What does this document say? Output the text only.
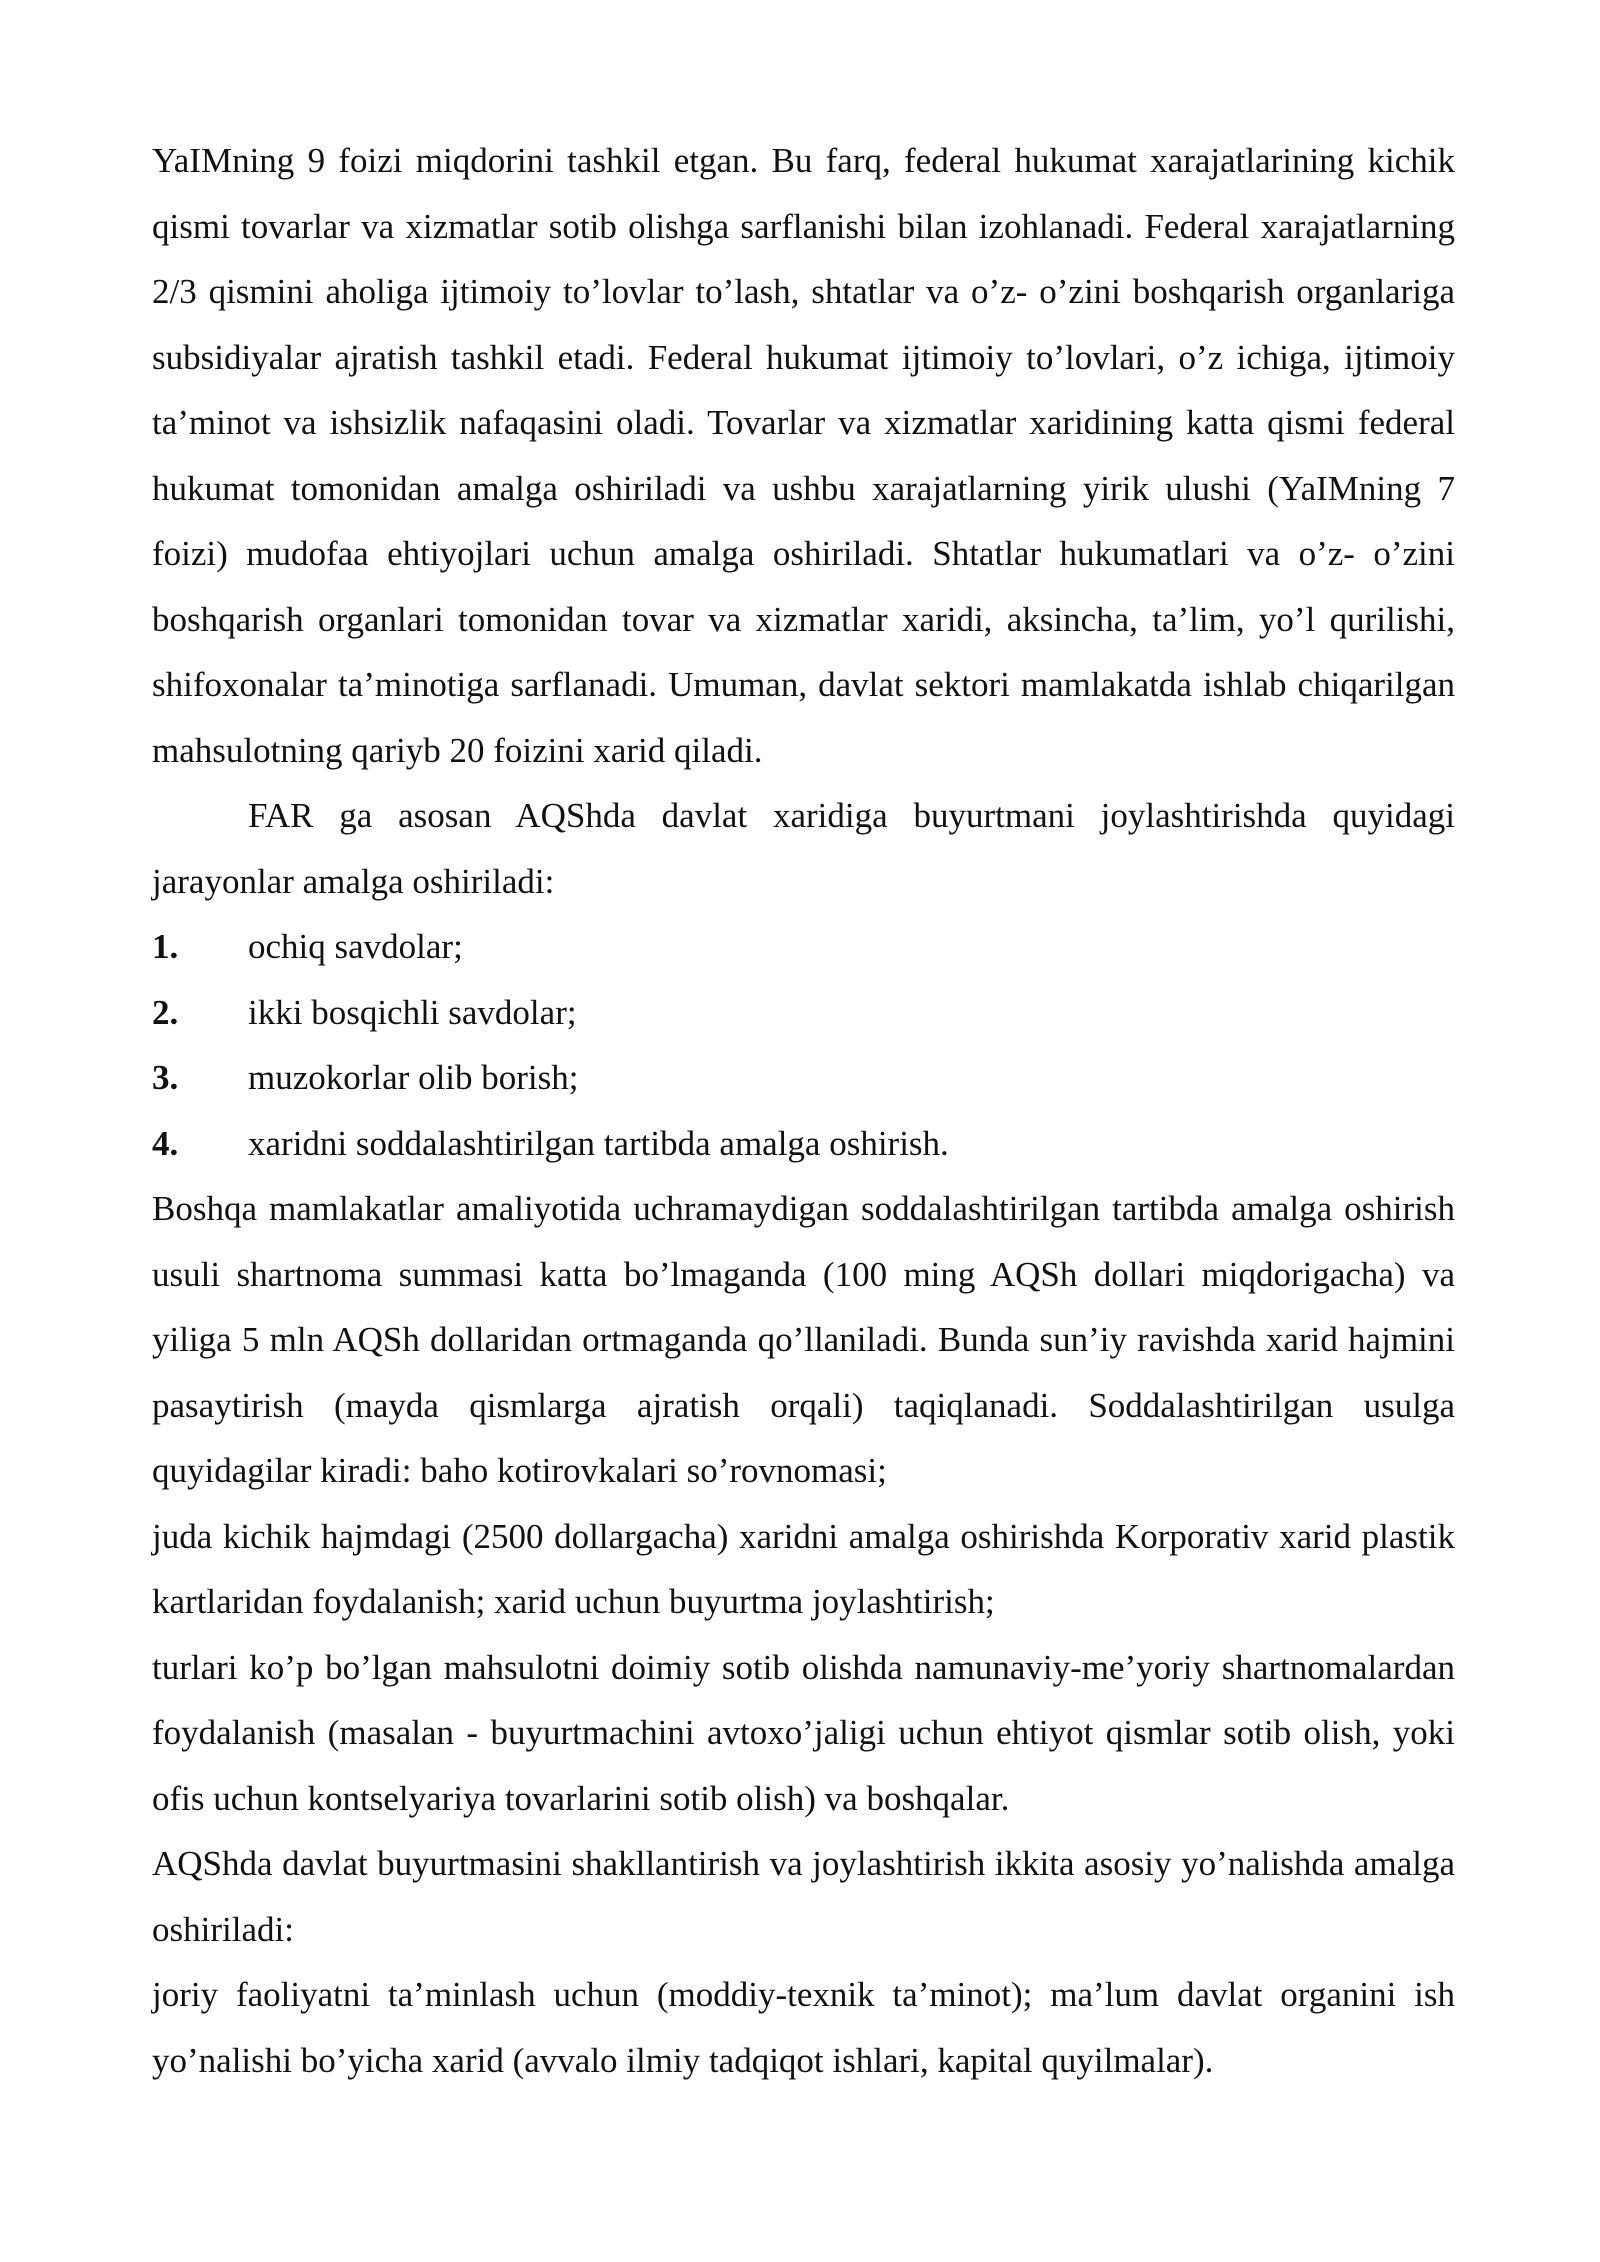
YaIMning 9 foizi miqdorini tashkil etgan. Bu farq, federal hukumat xarajatlarining kichik qismi tovarlar va xizmatlar sotib olishga sarflanishi bilan izohlanadi. Federal xarajatlarning 2/3 qismini aholiga ijtimoiy to’lovlar to’lash, shtatlar va o’z- o’zini boshqarish organlariga subsidiyalar ajratish tashkil etadi. Federal hukumat ijtimoiy to’lovlari, o’z ichiga, ijtimoiy ta’minot va ishsizlik nafaqasini oladi. Tovarlar va xizmatlar xaridining katta qismi federal hukumat tomonidan amalga oshiriladi va ushbu xarajatlarning yirik ulushi (YaIMning 7 foizi) mudofaa ehtiyojlari uchun amalga oshiriladi. Shtatlar hukumatlari va o’z- o’zini boshqarish organlari tomonidan tovar va xizmatlar xaridi, aksincha, ta’lim, yo’l qurilishi, shifoxonalar ta’minotiga sarflanadi. Umuman, davlat sektori mamlakatda ishlab chiqarilgan mahsulotning qariyb 20 foizini xarid qiladi.

FAR ga asosan AQShda davlat xaridiga buyurtmani joylashtirishda quyidagi jarayonlar amalga oshiriladi:

1.	ochiq savdolar;
2.	ikki bosqichli savdolar;
3.	muzokorlar olib borish;
4.	xaridni soddalashtirilgan tartibda amalga oshirish.

Boshqa mamlakatlar amaliyotida uchramaydigan soddalashtirilgan tartibda amalga oshirish usuli shartnoma summasi katta bo’lmaganda (100 ming AQSh dollari miqdorigacha) va yiliga 5 mln AQSh dollaridan ortmaganda qo’llaniladi. Bunda sun’iy ravishda xarid hajmini pasaytirish (mayda qismlarga ajratish orqali) taqiqlanadi. Soddalashtirilgan usulga quyidagilar kiradi: baho kotirovkalari so’rovnomasi;

juda kichik hajmdagi (2500 dollargacha) xaridni amalga oshirishda Korporativ xarid plastik kartlaridan foydalanish; xarid uchun buyurtma joylashtirish;

turlari ko’p bo’lgan mahsulotni doimiy sotib olishda namunaviy-me’yoriy shartnomalardan foydalanish (masalan - buyurtmachini avtoxo’jaligi uchun ehtiyot qismlar sotib olish, yoki ofis uchun kontselyariya tovarlarini sotib olish) va boshqalar.

AQShda davlat buyurtmasini shakllantirish va joylashtirish ikkita asosiy yo’nalishda amalga oshiriladi:

joriy faoliyatni ta’minlash uchun (moddiy-texnik ta’minot); ma’lum davlat organini ish yo’nalishi bo’yicha xarid (avvalo ilmiy tadqiqot ishlari, kapital quyilmalar).
